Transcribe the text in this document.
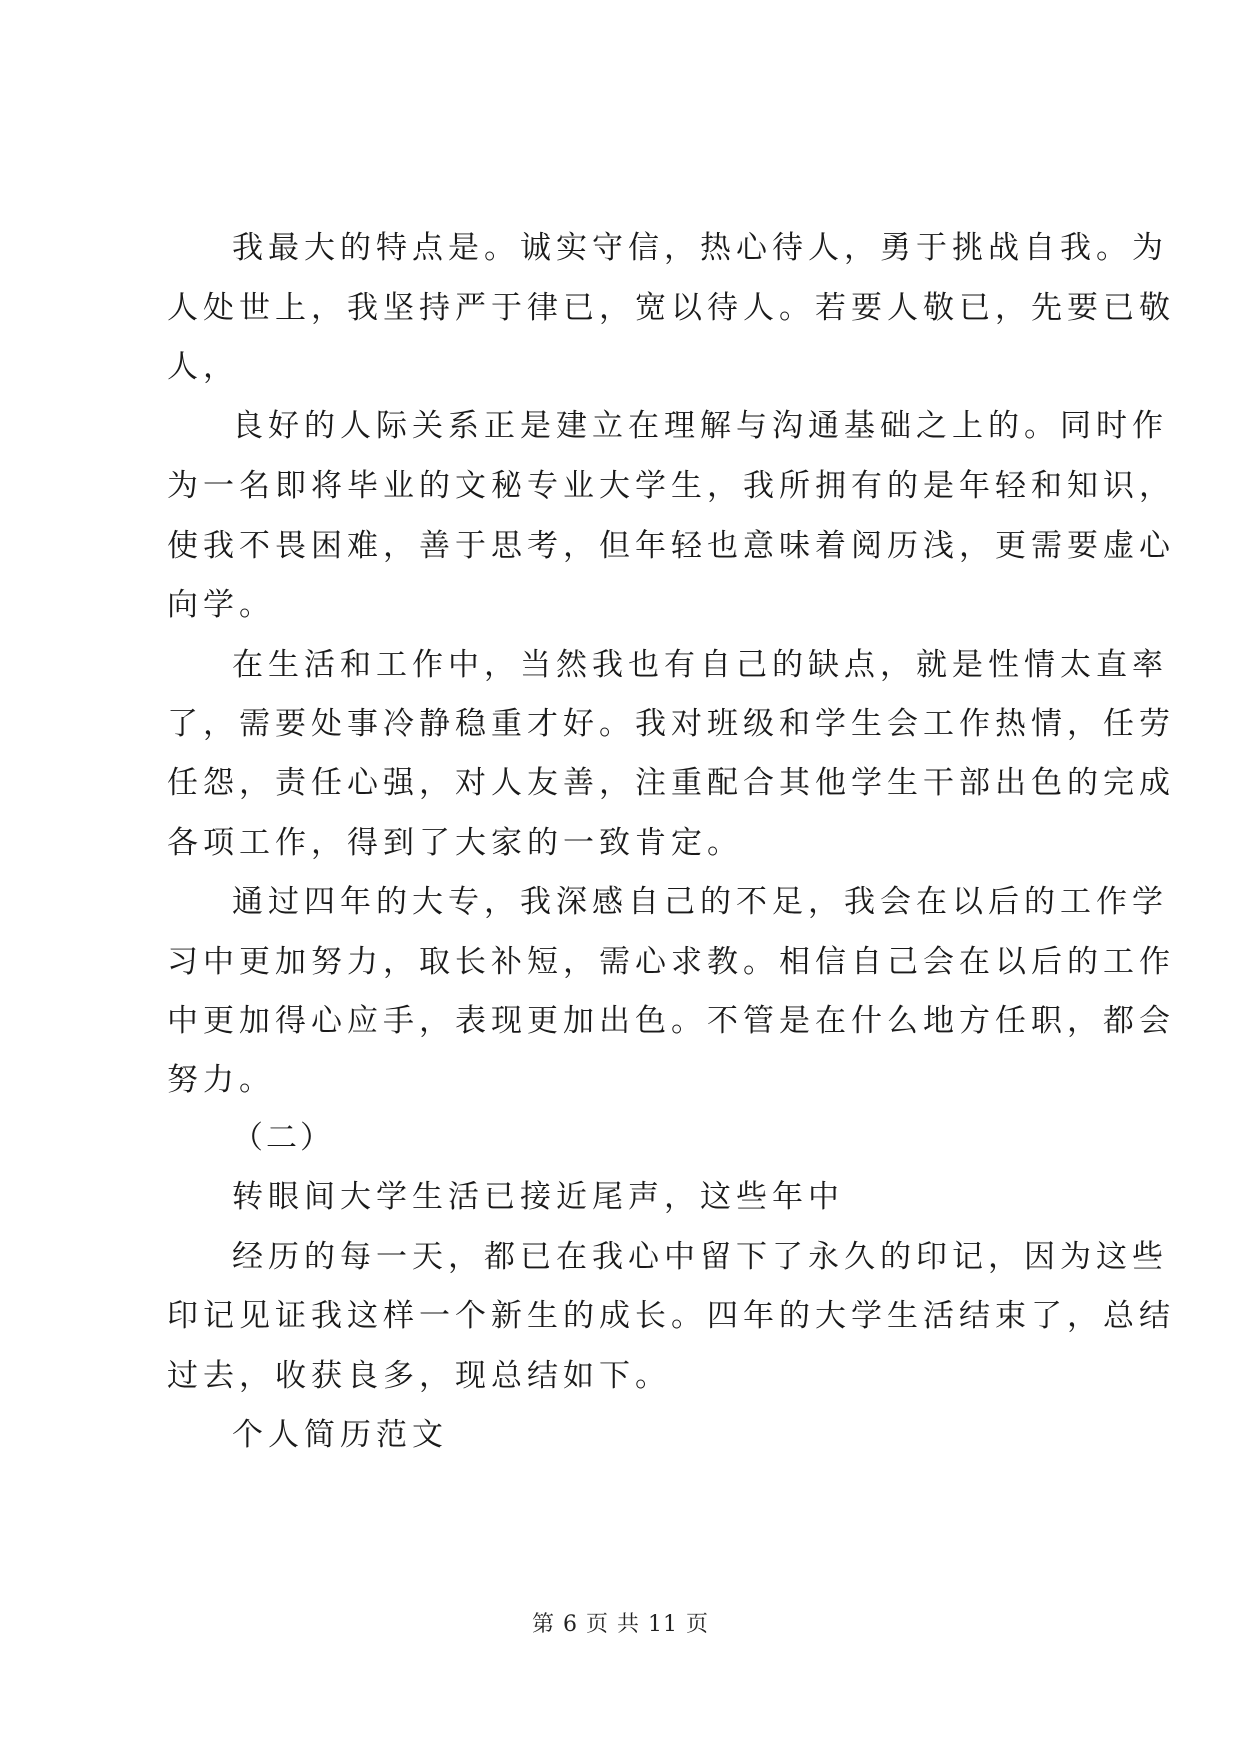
我最大的特点是。诚实守信，热心待人，勇于挑战自我。为
人处世上，我坚持严于律已，宽以待人。若要人敬已，先要已敬
人，
良好的人际关系正是建立在理解与沟通基础之上的。同时作
为一名即将毕业的文秘专业大学生，我所拥有的是年轻和知识，
使我不畏困难，善于思考，但年轻也意味着阅历浅，更需要虚心
向学。
在生活和工作中，当然我也有自己的缺点，就是性情太直率
了，需要处事冷静稳重才好。我对班级和学生会工作热情，任劳
任怨，责任心强，对人友善，注重配合其他学生干部出色的完成
各项工作，得到了大家的一致肯定。
通过四年的大专，我深感自己的不足，我会在以后的工作学
习中更加努力，取长补短，需心求教。相信自己会在以后的工作
中更加得心应手，表现更加出色。不管是在什么地方任职，都会
努力。
（二）
转眼间大学生活已接近尾声，这些年中
经历的每一天，都已在我心中留下了永久的印记，因为这些
印记见证我这样一个新生的成长。四年的大学生活结束了，总结
过去，收获良多，现总结如下。
个人简历范文
第 6 页 共 11 页
